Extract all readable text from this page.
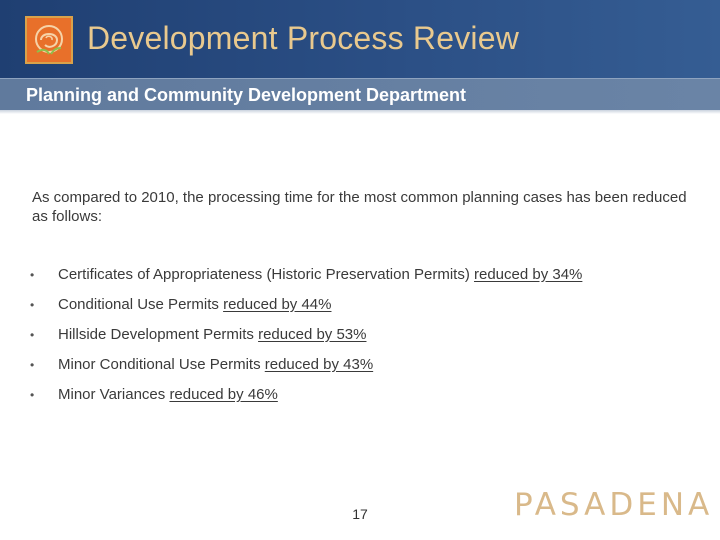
Development Process Review
Planning and Community Development Department

As compared to 2010, the processing time for the most common planning cases has been reduced as follows:

• Certificates of Appropriateness (Historic Preservation Permits) reduced by 34%
• Conditional Use Permits reduced by 44%
• Hillside Development Permits reduced by 53%
• Minor Conditional Use Permits reduced by 43%
• Minor Variances reduced by 46%
17	PASADENA
